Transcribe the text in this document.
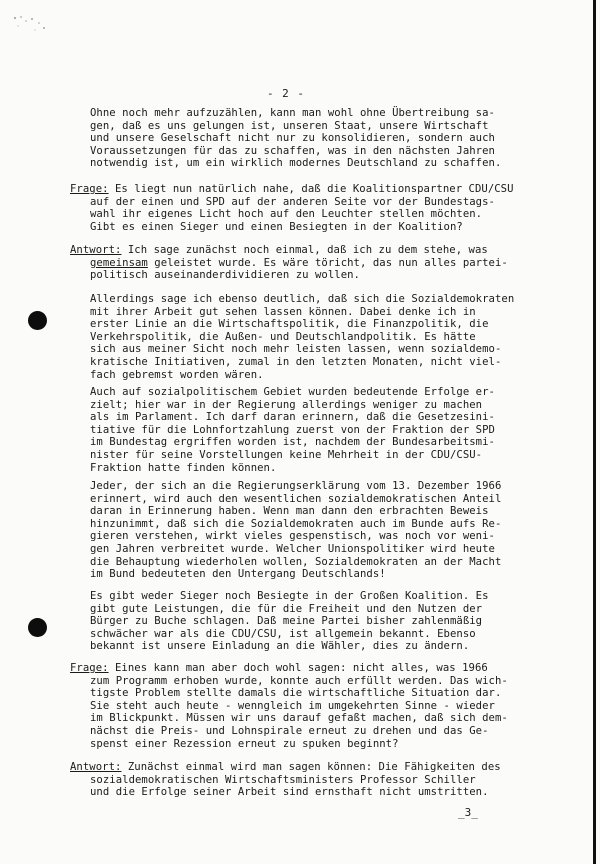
- 2 -
Ohne noch mehr aufzuzählen, kann man wohl ohne Übertreibung sa-
gen, daß es uns gelungen ist, unseren Staat, unsere Wirtschaft
und unsere Geselschaft nicht nur zu konsolidieren, sondern auch
Voraussetzungen für das zu schaffen, was in den nächsten Jahren
notwendig ist, um ein wirklich modernes Deutschland zu schaffen.
Frage: Es liegt nun natürlich nahe, daß die Koalitionspartner CDU/CSU
auf der einen und SPD auf der anderen Seite vor der Bundestags-
wahl ihr eigenes Licht hoch auf den Leuchter stellen möchten.
Gibt es einen Sieger und einen Besiegten in der Koalition?
Antwort: Ich sage zunächst noch einmal, daß ich zu dem stehe, was
gemeinsam geleistet wurde. Es wäre töricht, das nun alles partei-
politisch auseinanderdividieren zu wollen.
Allerdings sage ich ebenso deutlich, daß sich die Sozialdemokraten
mit ihrer Arbeit gut sehen lassen können. Dabei denke ich in
erster Linie an die Wirtschaftspolitik, die Finanzpolitik, die
Verkehrspolitik, die Außen- und Deutschlandpolitik. Es hätte
sich aus meiner Sicht noch mehr leisten lassen, wenn sozialdemo-
kratische Initiativen, zumal in den letzten Monaten, nicht viel-
fach gebremst worden wären.
Auch auf sozialpolitischem Gebiet wurden bedeutende Erfolge er-
zielt; hier war in der Regierung allerdings weniger zu machen
als im Parlament. Ich darf daran erinnern, daß die Gesetzesini-
tiative für die Lohnfortzahlung zuerst von der Fraktion der SPD
im Bundestag ergriffen worden ist, nachdem der Bundesarbeitsmi-
nister für seine Vorstellungen keine Mehrheit in der CDU/CSU-
Fraktion hatte finden können.
Jeder, der sich an die Regierungserklärung vom 13. Dezember 1966
erinnert, wird auch den wesentlichen sozialdemokratischen Anteil
daran in Erinnerung haben. Wenn man dann den erbrachten Beweis
hinzunimmt, daß sich die Sozialdemokraten auch im Bunde aufs Re-
gieren verstehen, wirkt vieles gespenstisch, was noch vor weni-
gen Jahren verbreitet wurde. Welcher Unionspolitiker wird heute
die Behauptung wiederholen wollen, Sozialdemokraten an der Macht
im Bund bedeuteten den Untergang Deutschlands!
Es gibt weder Sieger noch Besiegte in der Großen Koalition. Es
gibt gute Leistungen, die für die Freiheit und den Nutzen der
Bürger zu Buche schlagen. Daß meine Partei bisher zahlenmäßig
schwächer war als die CDU/CSU, ist allgemein bekannt. Ebenso
bekannt ist unsere Einladung an die Wähler, dies zu ändern.
Frage: Eines kann man aber doch wohl sagen: nicht alles, was 1966
zum Programm erhoben wurde, konnte auch erfüllt werden. Das wich-
tigste Problem stellte damals die wirtschaftliche Situation dar.
Sie steht auch heute - wenngleich im umgekehrten Sinne - wieder
im Blickpunkt. Müssen wir uns darauf gefaßt machen, daß sich dem-
nächst die Preis- und Lohnspirale erneut zu drehen und das Ge-
spenst einer Rezession erneut zu spuken beginnt?
Antwort: Zunächst einmal wird man sagen können: Die Fähigkeiten des
sozialdemokratischen Wirtschaftsministers Professor Schiller
und die Erfolge seiner Arbeit sind ernsthaft nicht umstritten.
_3_
